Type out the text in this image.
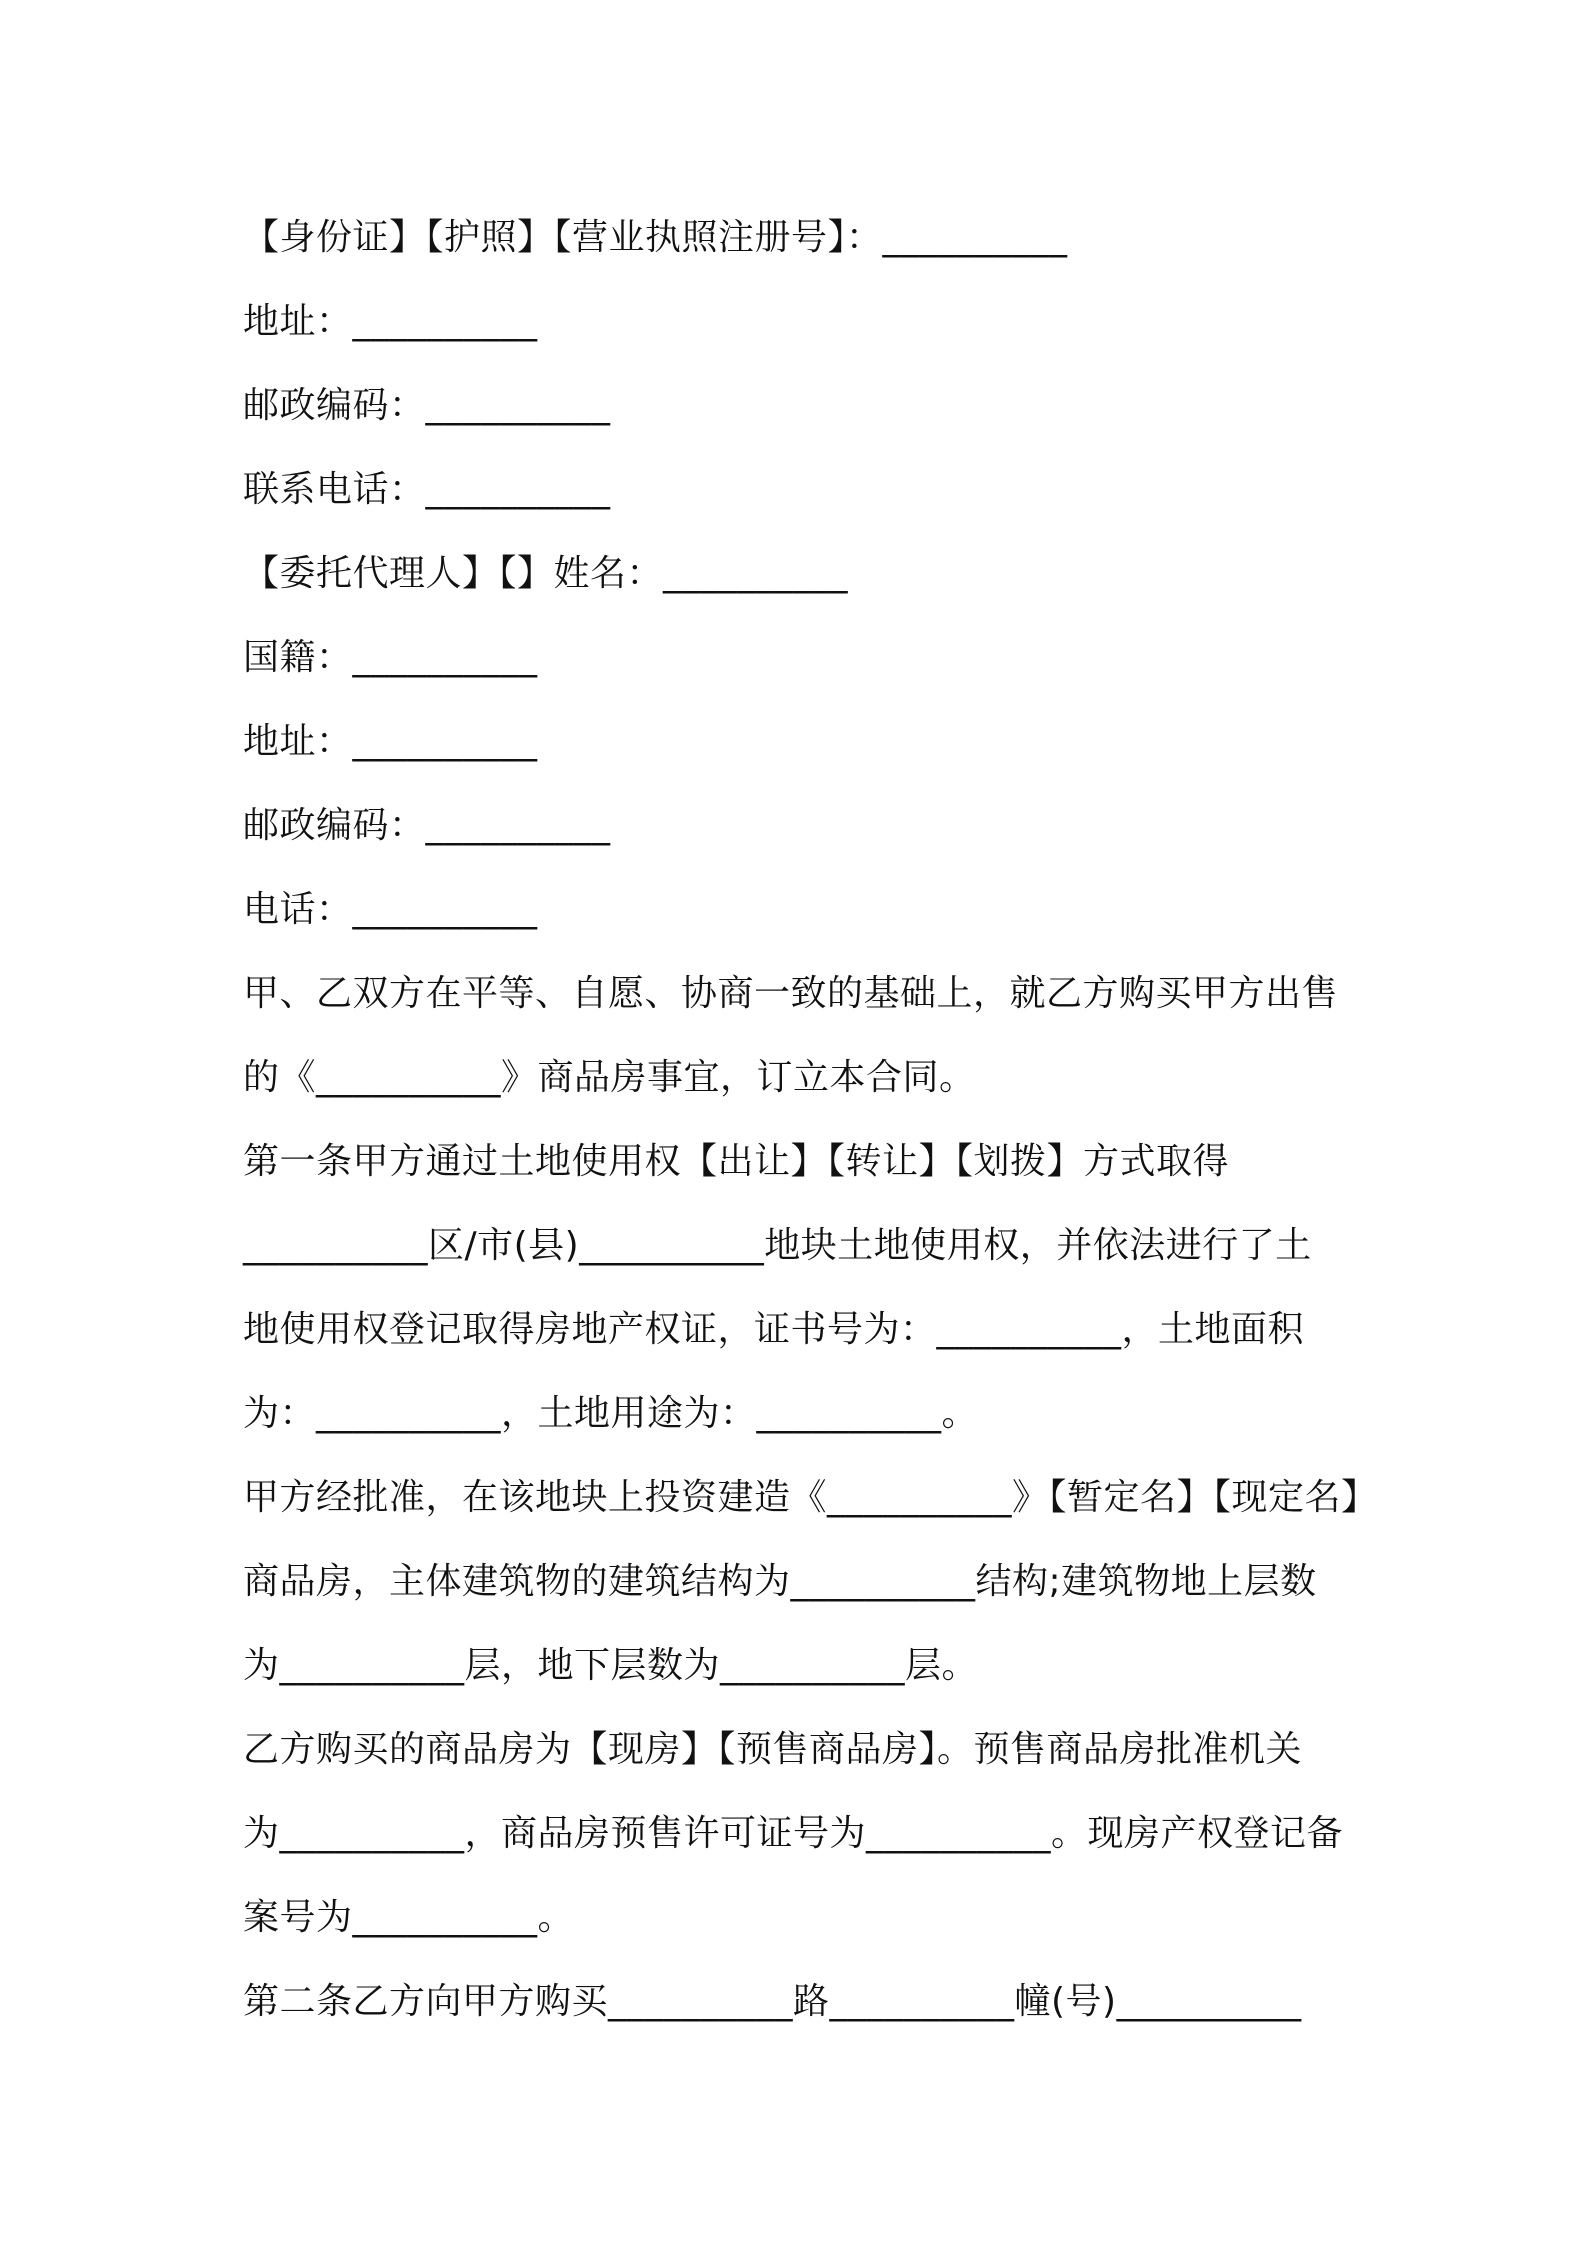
【身份证】【护照】【营业执照注册号】：__________
地址：__________
邮政编码：__________
联系电话：__________
【委托代理人】【】姓名：__________
国籍：__________
地址：__________
邮政编码：__________
电话：__________
甲、乙双方在平等、自愿、协商一致的基础上，就乙方购买甲方出售
的《__________》商品房事宜，订立本合同。
第一条甲方通过土地使用权【出让】【转让】【划拨】方式取得
__________区/市(县)__________地块土地使用权，并依法进行了土
地使用权登记取得房地产权证，证书号为：__________，土地面积
为：__________，土地用途为：__________。
甲方经批准，在该地块上投资建造《__________》【暂定名】【现定名】
商品房，主体建筑物的建筑结构为__________结构;建筑物地上层数
为__________层，地下层数为__________层。
乙方购买的商品房为【现房】【预售商品房】。预售商品房批准机关
为__________，商品房预售许可证号为__________。现房产权登记备
案号为__________。
第二条乙方向甲方购买__________路__________幢(号)__________
